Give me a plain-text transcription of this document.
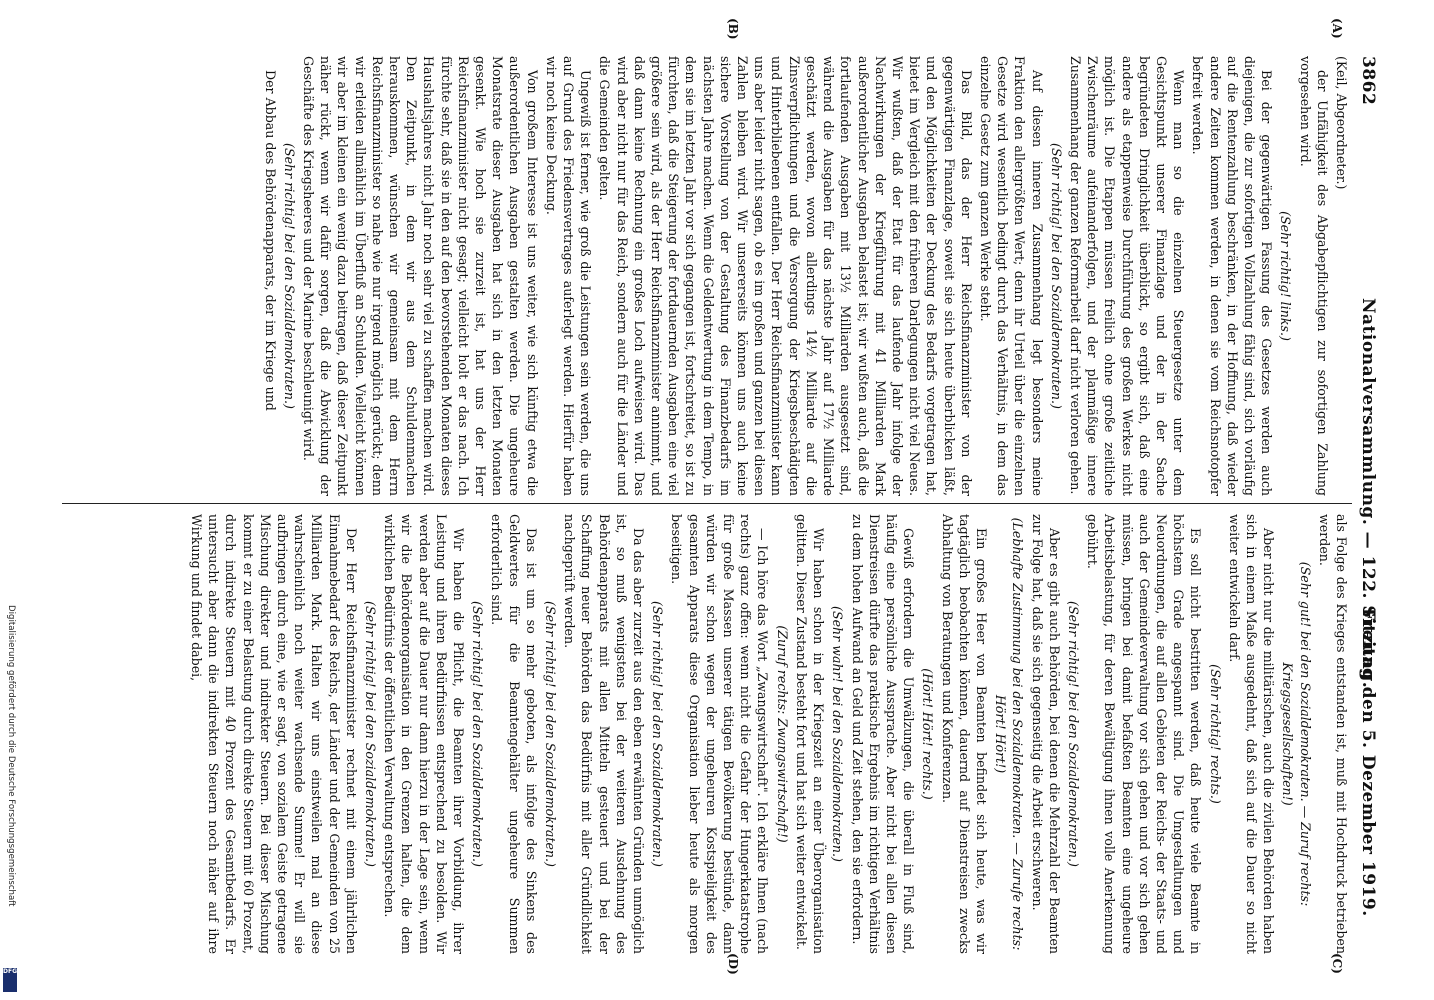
3862
Nationalversammlung. — 122. Sitzung.
Freitag den 5. Dezember 1919.
(A)
(B)
(C)
(D)

(Keil, Abgeordneter.)

der Unfähigkeit des Abgabepflichtigen zur sofortigen Zahlung vorgesehen wird.

(Sehr richtig! links.)

Bei der gegenwärtigen Fassung des Gesetzes werden auch diejenigen, die zur sofortigen Vollzahlung fähig sind, sich vorläufig auf die Rentenzahlung beschränken, in der Hoffnung, daß wieder andere Zeiten kommen werden, in denen sie vom Reichsnotopfer befreit werden.

Wenn man so die einzelnen Steuergesetze unter dem Gesichtspunkt unserer Finanzlage und der in der Sache begründeten Dringlichkeit überblickt, so ergibt sich, daß eine andere als etappenweise Durchführung des großen Werkes nicht möglich ist. Die Etappen müssen freilich ohne große zeitliche Zwischenräume aufeinanderfolgen, und der planmäßige innere Zusammenhang der ganzen Reformarbeit darf nicht verloren gehen.

(Sehr richtig! bei den Sozialdemokraten.)

Auf diesen inneren Zusammenhang legt besonders meine Fraktion den allergrößten Wert; denn ihr Urteil über die einzelnen Gesetze wird wesentlich bedingt durch das Verhältnis, in dem das einzelne Gesetz zum ganzen Werke steht.

Das Bild, das der Herr Reichsfinanzminister von der gegenwärtigen Finanzlage, soweit sie sich heute überblicken läßt, und den Möglichkeiten der Deckung des Bedarfs vorgetragen hat, bietet im Vergleich mit den früheren Darlegungen nicht viel Neues. Wir wußten, daß der Etat für das laufende Jahr infolge der Nachwirkungen der Kriegführung mit 41 Milliarden Mark außerordentlicher Ausgaben belastet ist; wir wußten auch, daß die fortlaufenden Ausgaben mit 13½ Milliarden ausgesetzt sind, während die Ausgaben für das nächste Jahr auf 17½ Milliarde geschätzt werden, wovon allerdings 14½ Milliarde auf die Zinsverpflichtungen und die Versorgung der Kriegsbeschädigten und Hinterbliebenen entfallen. Der Herr Reichsfinanzminister kann uns aber leider nicht sagen, ob es im großen und ganzen bei diesen Zahlen bleiben wird. Wir unsererseits können uns auch keine sichere Vorstellung von der Gestaltung des Finanzbedarfs im nächsten Jahre machen. Wenn die Geldentwertung in dem Tempo, in dem sie im letzten Jahr vor sich gegangen ist, fortschreitet, so ist zu fürchten, daß die Steigerung der fortdauernden Ausgaben eine viel größere sein wird, als der Herr Reichsfinanzminister annimmt, und daß dann keine Rechnung ein großes Loch aufweisen wird. Das wird aber nicht nur für das Reich, sondern auch für die Länder und die Gemeinden gelten.

Ungewiß ist ferner, wie groß die Leistungen sein werden, die uns auf Grund des Friedensvertrages auferlegt werden. Hierfür haben wir noch keine Deckung.

Von großem Interesse ist uns weiter, wie sich künftig etwa die außerordentlichen Ausgaben gestalten werden. Die ungeheure Monatsrate dieser Ausgaben hat sich in den letzten Monaten gesenkt. Wie hoch sie zurzeit ist, hat uns der Herr Reichsfinanzminister nicht gesagt; vielleicht holt er das nach. Ich fürchte sehr, daß sie in den auf den bevorstehenden Monaten dieses Haushaltsjahres nicht Jahr noch sehr viel zu schaffen machen wird. Den Zeitpunkt, in dem wir aus dem Schuldenmachen herauskommen, wünschen wir gemeinsam mit dem Herrn Reichsfinanzminister so nahe wie nur irgend möglich gerückt; denn wir erleiden allmählich im Überfluß an Schulden. Vielleicht können wir aber im kleinen ein wenig dazu beitragen, daß dieser Zeitpunkt näher rückt, wenn wir dafür sorgen, daß die Abwicklung der Geschäfte des Kriegsheeres und der Marine beschleunigt wird.

(Sehr richtig! bei den Sozialdemokraten.)

Der Abbau des Behördenapparats, der im Kriege und

als Folge des Krieges entstanden ist, muß mit Hochdruck betrieben werden.

(Sehr gut! bei den Sozialdemokraten. — Zuruf rechts: Kriegsgesellschaften!)

Aber nicht nur die militärischen, auch die zivilen Behörden haben sich in einem Maße ausgedehnt, daß sich auf die Dauer so nicht weiter entwickeln darf.

(Sehr richtig! rechts.)

Es soll nicht bestritten werden, daß heute viele Beamte in höchstem Grade angespannt sind. Die Umgestaltungen und Neuordnungen, die auf allen Gebieten der Reichs- der Staats- und auch der Gemeindeverwaltung vor sich gehen und vor sich gehen müssen, bringen bei damit befaßten Beamten eine ungeheure Arbeitsbelastung, für deren Bewältigung ihnen volle Anerkennung gebührt.

(Sehr richtig! bei den Sozialdemokraten.)

Aber es gibt auch Behörden, bei denen die Mehrzahl der Beamten zur Folge hat, daß sie sich gegenseitig die Arbeit erschweren.

(Lebhafte Zustimmung bei den Sozialdemokraten. — Zurufe rechts: Hört! Hört!)

Ein großes Heer von Beamten befindet sich heute, was wir tagtäglich beobachten können, dauernd auf Dienstreisen zwecks Abhaltung von Beratungen und Konferenzen.

(Hört! Hört! rechts.)

Gewiß erfordern die Umwälzungen, die überall in Fluß sind, häufig eine persönliche Aussprache. Aber nicht bei allen diesen Dienstreisen dürfte das praktische Ergebnis im richtigen Verhältnis zu dem hohen Aufwand an Geld und Zeit stehen, den sie erfordern.

(Sehr wahr! bei den Sozialdemokraten.)

Wir haben schon in der Kriegszeit an einer Überorganisation gelitten. Dieser Zustand besteht fort und hat sich weiter entwickelt.

(Zuruf rechts: Zwangswirtschaft!)

— Ich höre das Wort „Zwangswirtschaft". Ich erkläre Ihnen (nach rechts) ganz offen: wenn nicht die Gefahr der Hungerkatastrophe für große Massen unserer tätigen Bevölkerung bestünde, dann würden wir schon wegen der ungeheuren Kostspieligkeit des gesamten Apparats diese Organisation lieber heute als morgen beseitigen.

(Sehr richtig! bei den Sozialdemokraten.)

Da das aber zurzeit aus den eben erwähnten Gründen unmöglich ist, so muß wenigstens bei der weiteren Ausdehnung des Behördenapparats mit allen Mitteln gesteuert und bei der Schaffung neuer Behörden das Bedürfnis mit aller Gründlichkeit nachgeprüft werden.

(Sehr richtig! bei den Sozialdemokraten.)

Das ist um so mehr geboten, als infolge des Sinkens des Geldwertes für die Beamtengehälter ungeheure Summen erforderlich sind.

(Sehr richtig! bei den Sozialdemokraten.)

Wir haben die Pflicht, die Beamten ihrer Vorbildung, ihrer Leistung und ihren Bedürfnissen entsprechend zu besolden. Wir werden aber auf die Dauer nur dann hierzu in der Lage sein, wenn wir die Behördenorganisation in den Grenzen halten, die dem wirklichen Bedürfnis der öffentlichen Verwaltung entsprechen.

(Sehr richtig! bei den Sozialdemokraten.)

Der Herr Reichsfinanzminister rechnet mit einem jährlichen Einnahmebedarf des Reichs, der Länder und der Gemeinden von 25 Milliarden Mark. Halten wir uns einstweilen mal an diese wahrscheinlich noch weiter wachsende Summe! Er will sie aufbringen durch eine, wie er sagt, von sozialem Geiste getragene Mischung direkter und indirekter Steuern. Bei dieser Mischung kommt er zu einer Belastung durch direkte Steuern mit 60 Prozent, durch indirekte Steuern mit 40 Prozent des Gesamtbedarfs. Er untersucht aber dann die indirekten Steuern noch näher auf ihre Wirkung und findet dabei,

Digitalisierung gefördert durch die Deutsche Forschungsgemeinschaft
DFG
